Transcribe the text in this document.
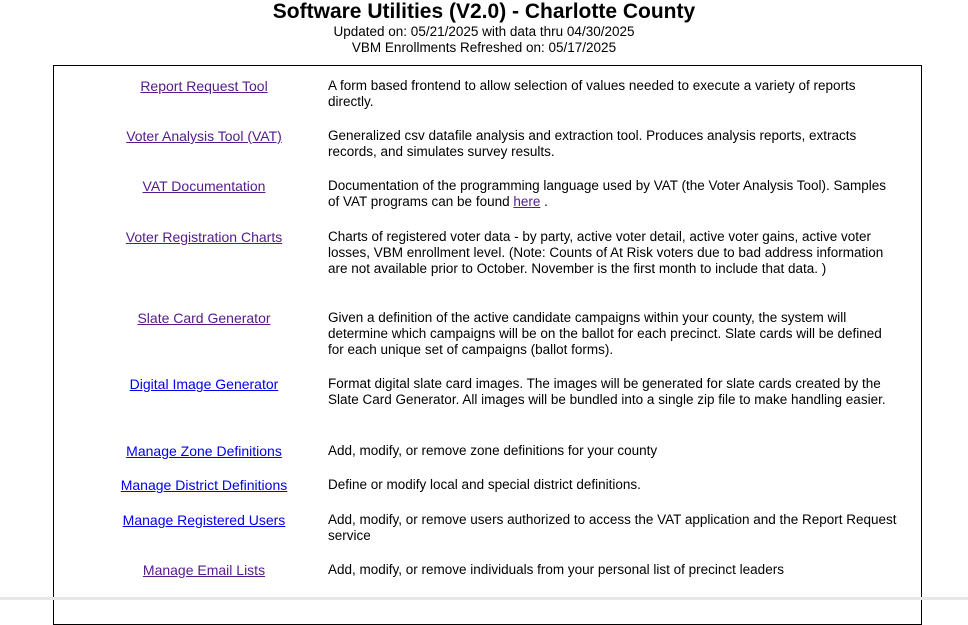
Software Utilities (V2.0) - Charlotte County
Updated on: 05/21/2025 with data thru 04/30/2025
VBM Enrollments Refreshed on: 05/17/2025
Report Request Tool	A form based frontend to allow selection of values needed to execute a variety of reports directly.
Voter Analysis Tool (VAT)	Generalized csv datafile analysis and extraction tool. Produces analysis reports, extracts records, and simulates survey results.
VAT Documentation	Documentation of the programming language used by VAT (the Voter Analysis Tool). Samples of VAT programs can be found here .
Voter Registration Charts	Charts of registered voter data - by party, active voter detail, active voter gains, active voter losses, VBM enrollment level. (Note: Counts of At Risk voters due to bad address information are not available prior to October. November is the first month to include that data. )
Slate Card Generator	Given a definition of the active candidate campaigns within your county, the system will determine which campaigns will be on the ballot for each precinct. Slate cards will be defined for each unique set of campaigns (ballot forms).
Digital Image Generator	Format digital slate card images. The images will be generated for slate cards created by the Slate Card Generator. All images will be bundled into a single zip file to make handling easier.
Manage Zone Definitions	Add, modify, or remove zone definitions for your county
Manage District Definitions	Define or modify local and special district definitions.
Manage Registered Users	Add, modify, or remove users authorized to access the VAT application and the Report Request service
Manage Email Lists	Add, modify, or remove individuals from your personal list of precinct leaders
